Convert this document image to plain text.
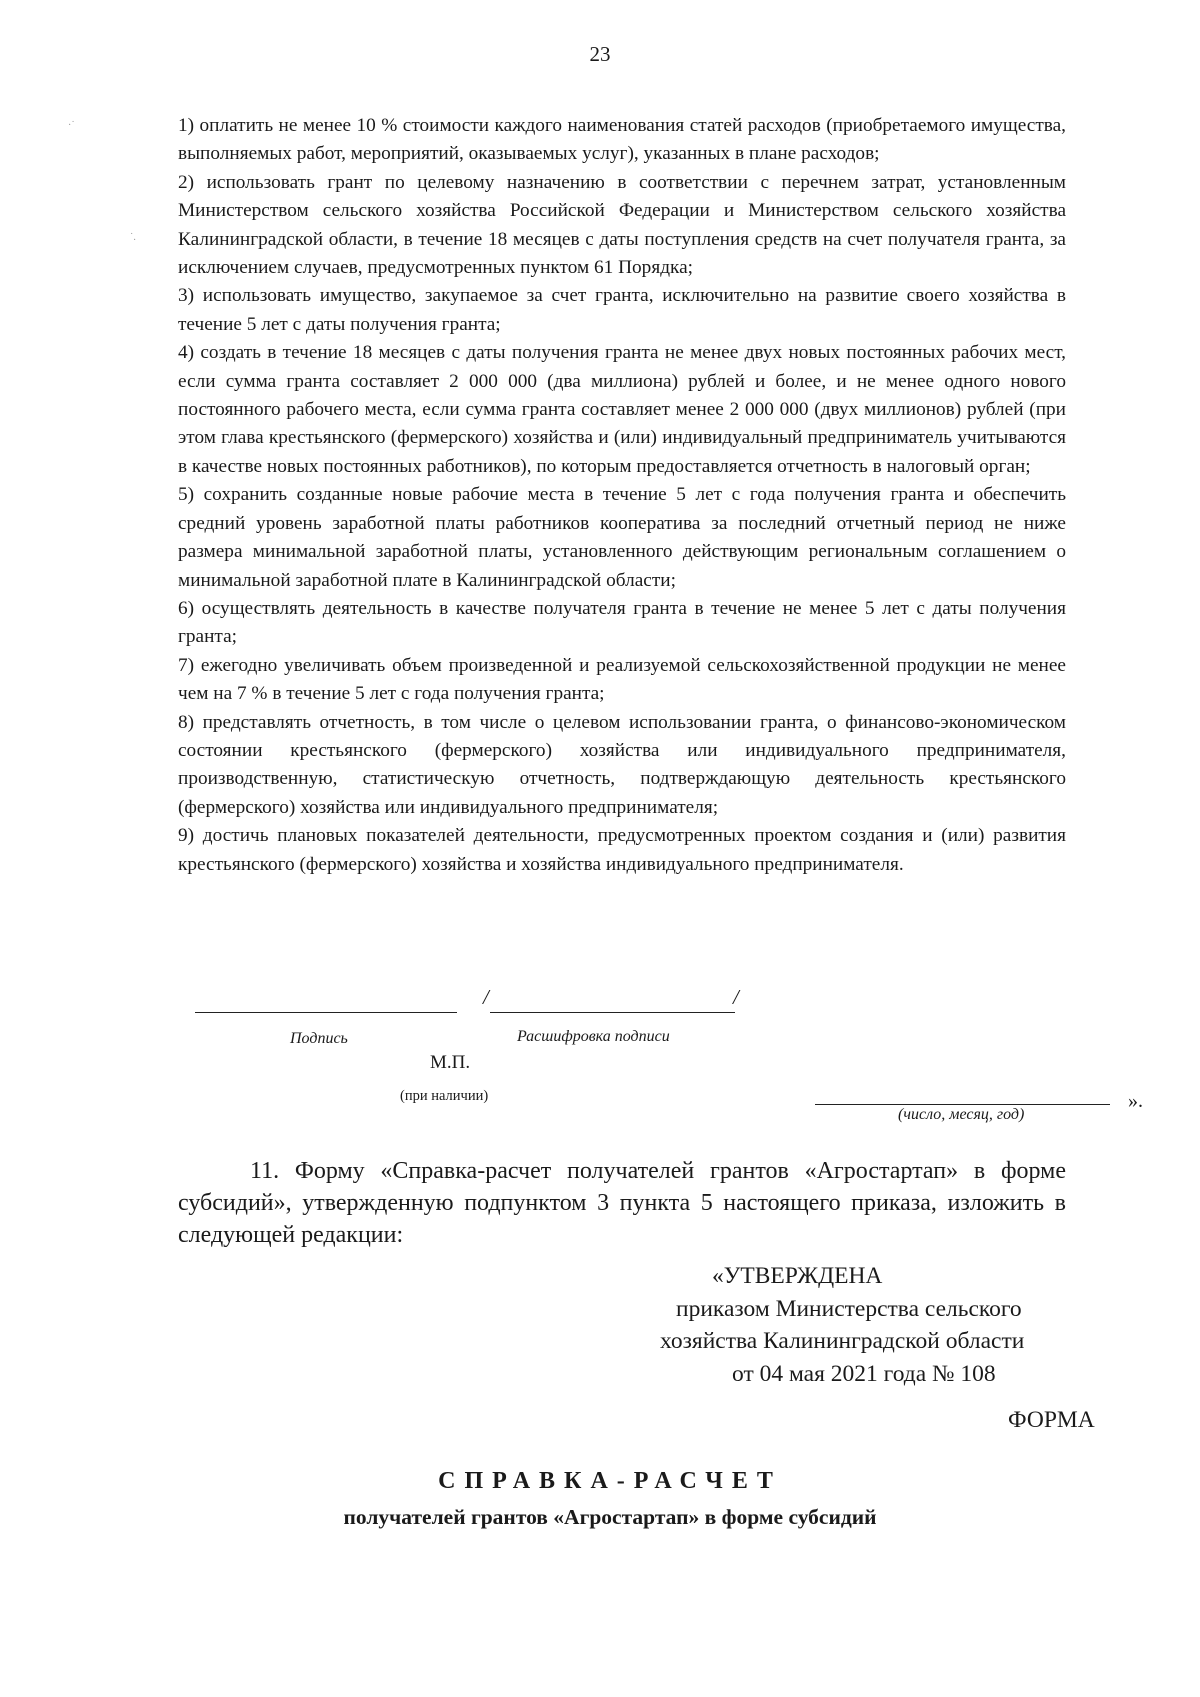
23
·˙
˙.

1) оплатить не менее 10 % стоимости каждого наименования статей расходов (приобретаемого имущества, выполняемых работ, мероприятий, оказываемых услуг), указанных в плане расходов;

2) использовать грант по целевому назначению в соответствии с перечнем затрат, установленным Министерством сельского хозяйства Российской Федерации и Министерством сельского хозяйства Калининградской области, в течение 18 месяцев с даты поступления средств на счет получателя гранта, за исключением случаев, предусмотренных пунктом 61 Порядка;

3) использовать имущество, закупаемое за счет гранта, исключительно на развитие своего хозяйства в течение 5 лет с даты получения гранта;

4) создать в течение 18 месяцев с даты получения гранта не менее двух новых постоянных рабочих мест, если сумма гранта составляет 2 000 000 (два миллиона) рублей и более, и не менее одного нового постоянного рабочего места, если сумма гранта составляет менее 2 000 000 (двух миллионов) рублей (при этом глава крестьянского (фермерского) хозяйства и (или) индивидуальный предприниматель учитываются в качестве новых постоянных работников), по которым предоставляется отчетность в налоговый орган;

5) сохранить созданные новые рабочие места в течение 5 лет с года получения гранта и обеспечить средний уровень заработной платы работников кооператива за последний отчетный период не ниже размера минимальной заработной платы, установленного действующим региональным соглашением о минимальной заработной плате в Калининградской области;

6) осуществлять деятельность в качестве получателя гранта в течение не менее 5 лет с даты получения гранта;

7) ежегодно увеличивать объем произведенной и реализуемой сельскохозяйственной продукции не менее чем на 7 % в течение 5 лет с года получения гранта;

8) представлять отчетность, в том числе о целевом использовании гранта, о финансово-экономическом состоянии крестьянского (фермерского) хозяйства или индивидуального предпринимателя, производственную, статистическую отчетность, подтверждающую деятельность крестьянского (фермерского) хозяйства или индивидуального предпринимателя;

9) достичь плановых показателей деятельности, предусмотренных проектом создания и (или) развития крестьянского (фермерского) хозяйства и хозяйства индивидуального предпринимателя.

/	/
Подпись	Расшифровка подписи
М.П.
(при наличии)
(число, месяц, год)
».

11. Форму «Справка-расчет получателей грантов «Агростартап» в форме субсидий», утвержденную подпунктом 3 пункта 5 настоящего приказа, изложить в следующей редакции:

«УТВЕРЖДЕНА
приказом Министерства сельского
хозяйства Калининградской области
от 04 мая 2021 года № 108
ФОРМА
СПРАВКА-РАСЧЕТ
получателей грантов «Агростартап» в форме субсидий
